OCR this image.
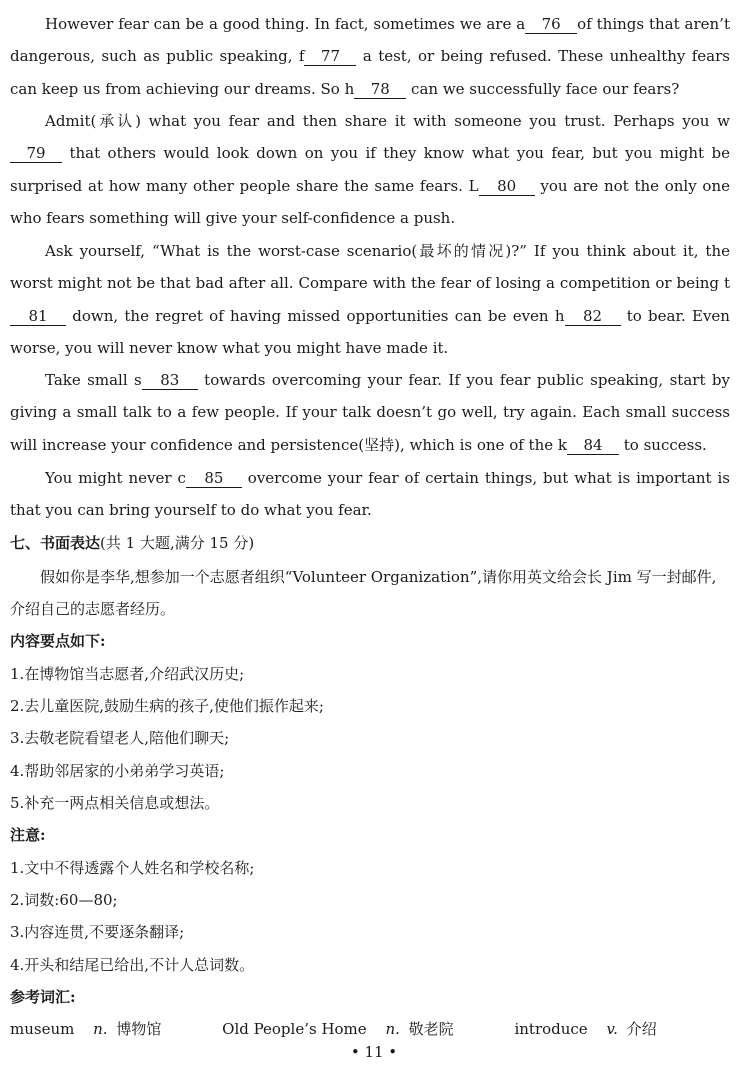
However fear can be a good thing. In fact, sometimes we are a 76 of things that aren’t dangerous, such as public speaking, f 77 a test, or being refused. These unhealthy fears can keep us from achieving our dreams. So h 78 can we successfully face our fears?
Admit(承认) what you fear and then share it with someone you trust. Perhaps you w79 that others would look down on you if they know what you fear, but you might be surprised at how many other people share the same fears. L 80 you are not the only one who fears something will give your self-confidence a push.
Ask yourself, “What is the worst-case scenario(最坏的情况)?” If you think about it, the worst might not be that bad after all. Compare with the fear of losing a competition or being t81 down, the regret of having missed opportunities can be even h 82 to bear. Even worse, you will never know what you might have made it.
Take small s 83 towards overcoming your fear. If you fear public speaking, start by giving a small talk to a few people. If your talk doesn’t go well, try again. Each small success will increase your confidence and persistence(坚持), which is one of the k 84 to success.
You might never c 85 overcome your fear of certain things, but what is important is that you can bring yourself to do what you fear.
七、书面表达(共 1 大题,满分 15 分)
假如你是李华,想参加一个志愿者组织“Volunteer Organization”,请你用英文给会长 Jim 写一封邮件,介绍自己的志愿者经历。
内容要点如下:
1.在博物馆当志愿者,介绍武汉历史;
2.去儿童医院,鼓励生病的孩子,使他们振作起来;
3.去敬老院看望老人,陪他们聊天;
4.帮助邻居家的小弟弟学习英语;
5.补充一两点相关信息或想法。
注意:
1.文中不得透露个人姓名和学校名称;
2.词数:60—80;
3.内容连贯,不要逐条翻译;
4.开头和结尾已给出,不计人总词数。
参考词汇:
museum n. 博物馆	Old People’s Home n. 敬老院	introduce v. 介绍
• 11 •
